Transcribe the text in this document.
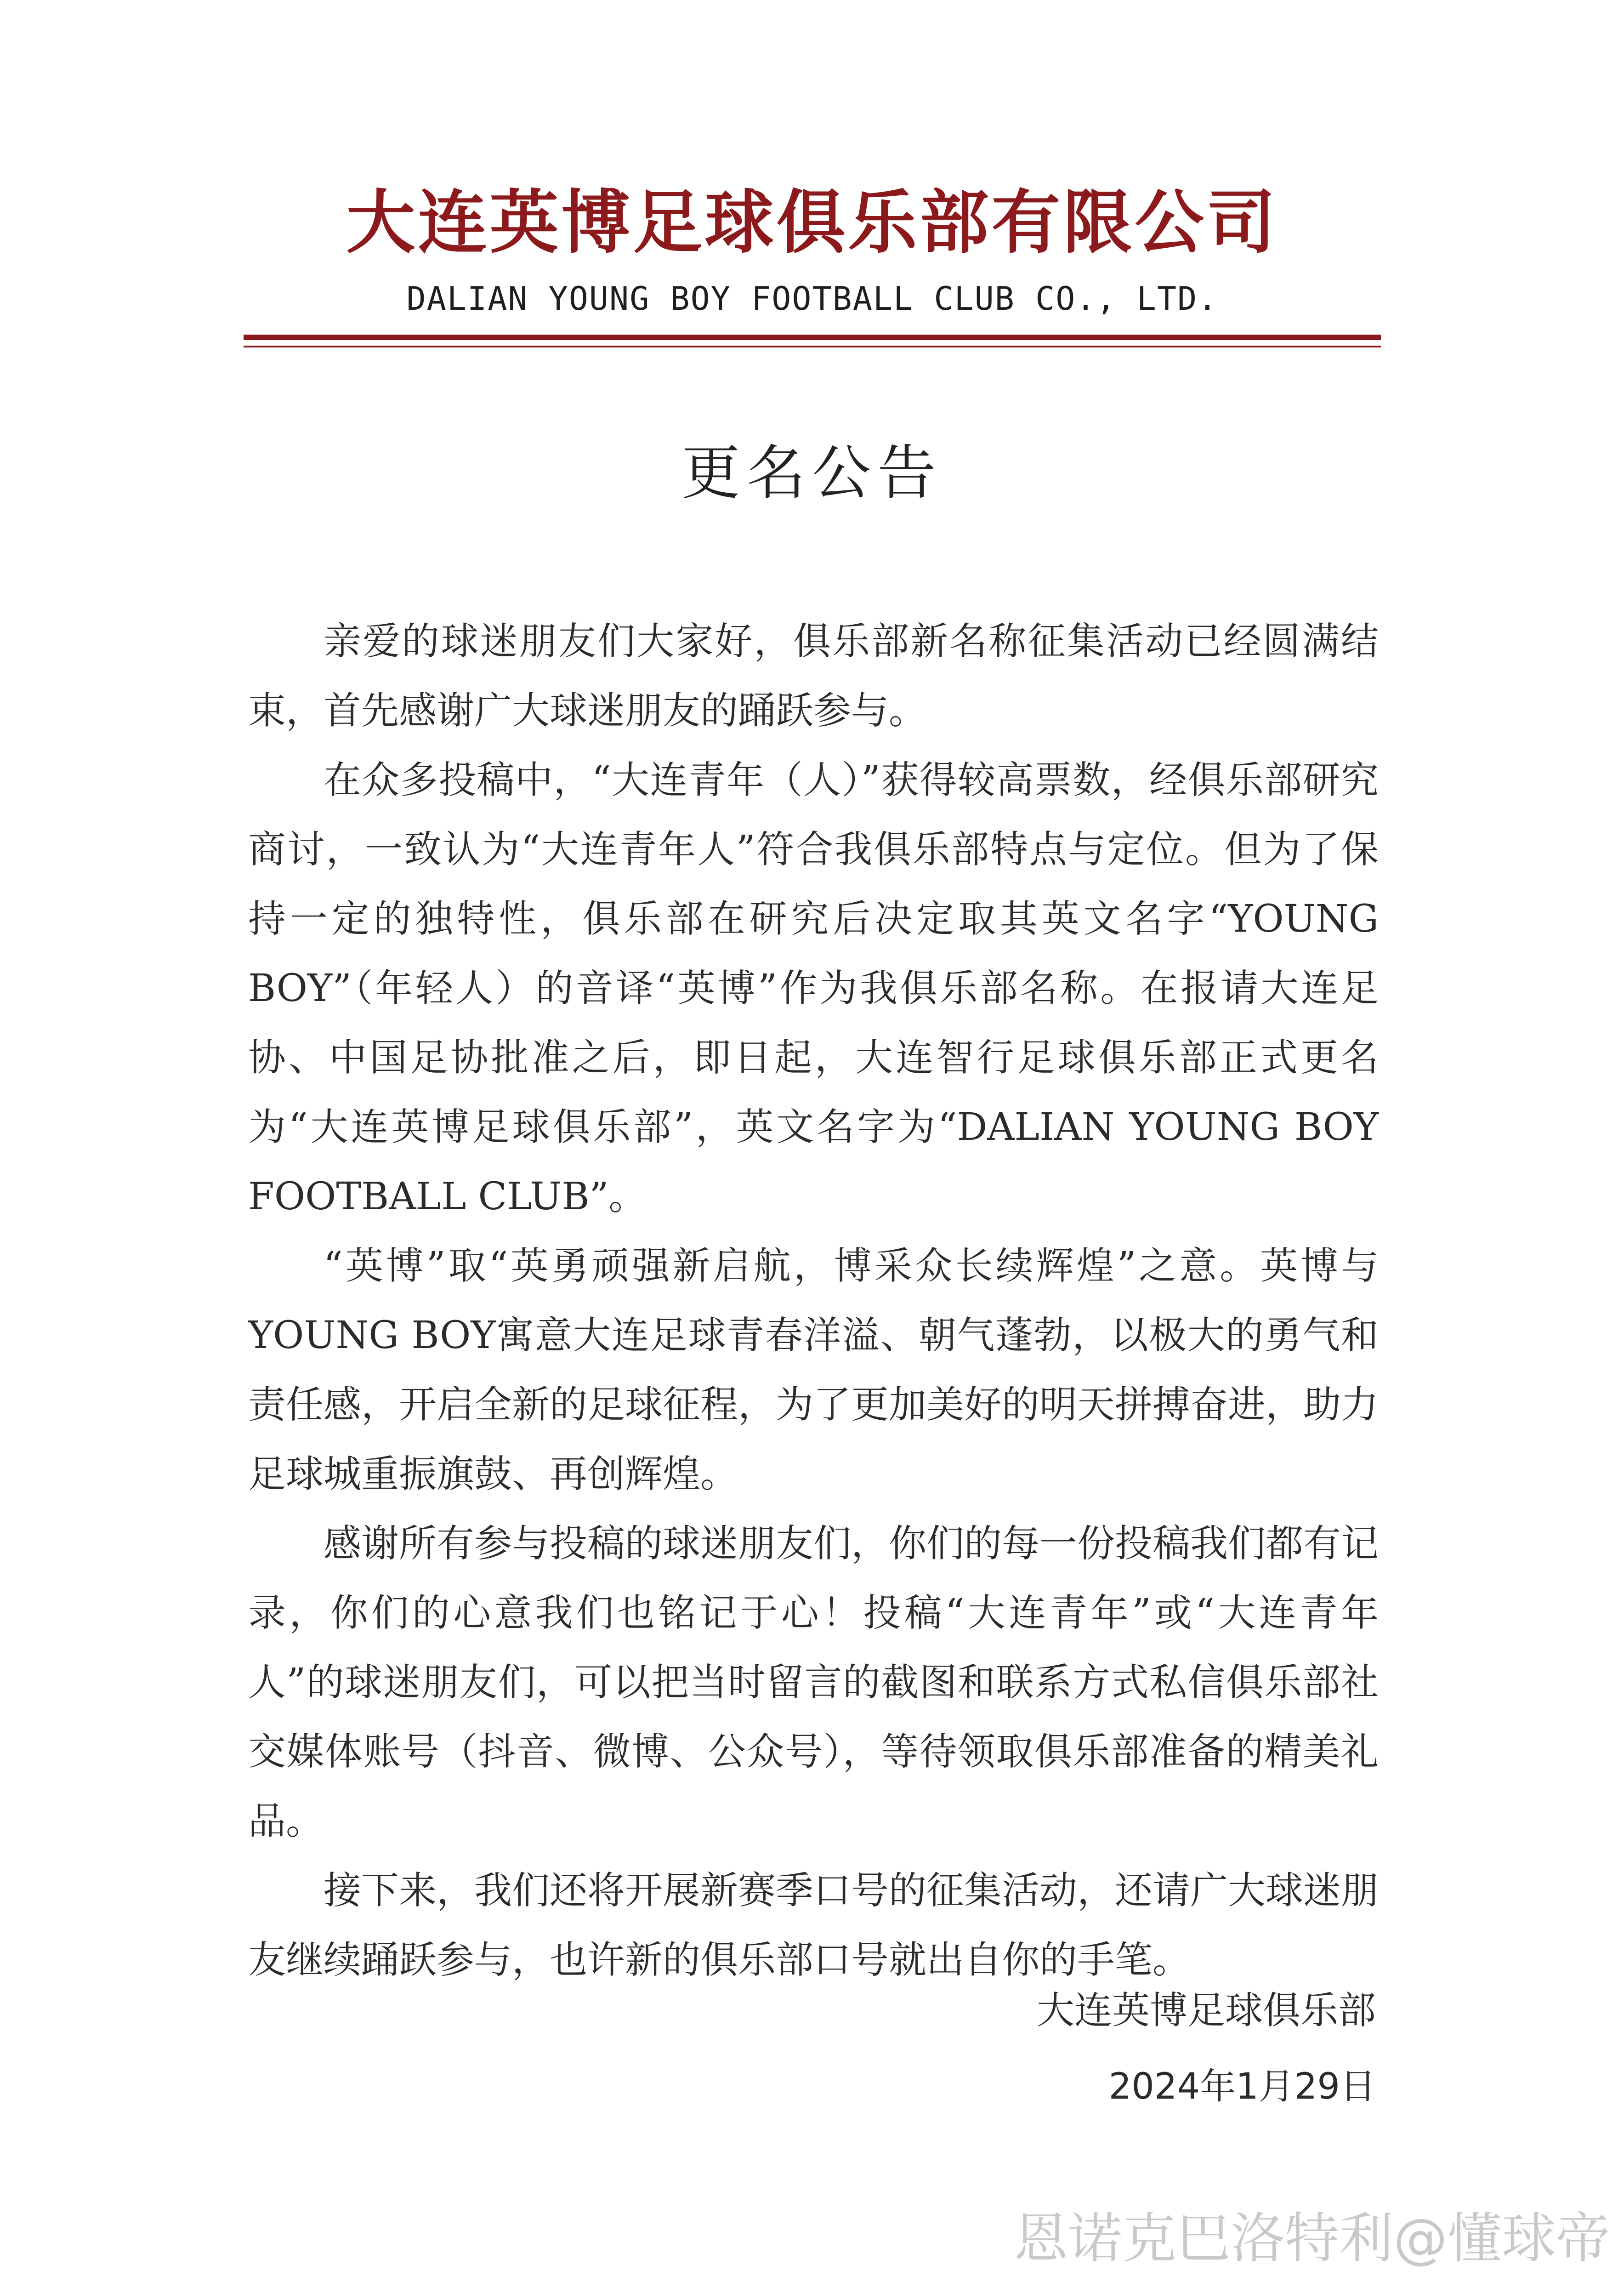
大连英博足球俱乐部有限公司
DALIAN YOUNG BOY FOOTBALL CLUB CO., LTD.
更名公告

亲爱的球迷朋友们大家好，俱乐部新名称征集活动已经圆满结束，首先感谢广大球迷朋友的踊跃参与。

在众多投稿中，“大连青年（人）”获得较高票数，经俱乐部研究商讨，一致认为“大连青年人”符合我俱乐部特点与定位。但为了保持一定的独特性，俱乐部在研究后决定取其英文名字“YOUNG BOY”（年轻人）的音译“英博”作为我俱乐部名称。在报请大连足协、中国足协批准之后，即日起，大连智行足球俱乐部正式更名为“大连英博足球俱乐部”，英文名字为“DALIAN YOUNG BOY FOOTBALL CLUB”。

“英博”取“英勇顽强新启航，博采众长续辉煌”之意。英博与YOUNG BOY寓意大连足球青春洋溢、朝气蓬勃，以极大的勇气和责任感，开启全新的足球征程，为了更加美好的明天拼搏奋进，助力足球城重振旗鼓、再创辉煌。

感谢所有参与投稿的球迷朋友们，你们的每一份投稿我们都有记录，你们的心意我们也铭记于心！投稿“大连青年”或“大连青年人”的球迷朋友们，可以把当时留言的截图和联系方式私信俱乐部社交媒体账号（抖音、微博、公众号），等待领取俱乐部准备的精美礼品。

接下来，我们还将开展新赛季口号的征集活动，还请广大球迷朋友继续踊跃参与，也许新的俱乐部口号就出自你的手笔。

大连英博足球俱乐部
2024年1月29日
恩诺克巴洛特利@懂球帝
